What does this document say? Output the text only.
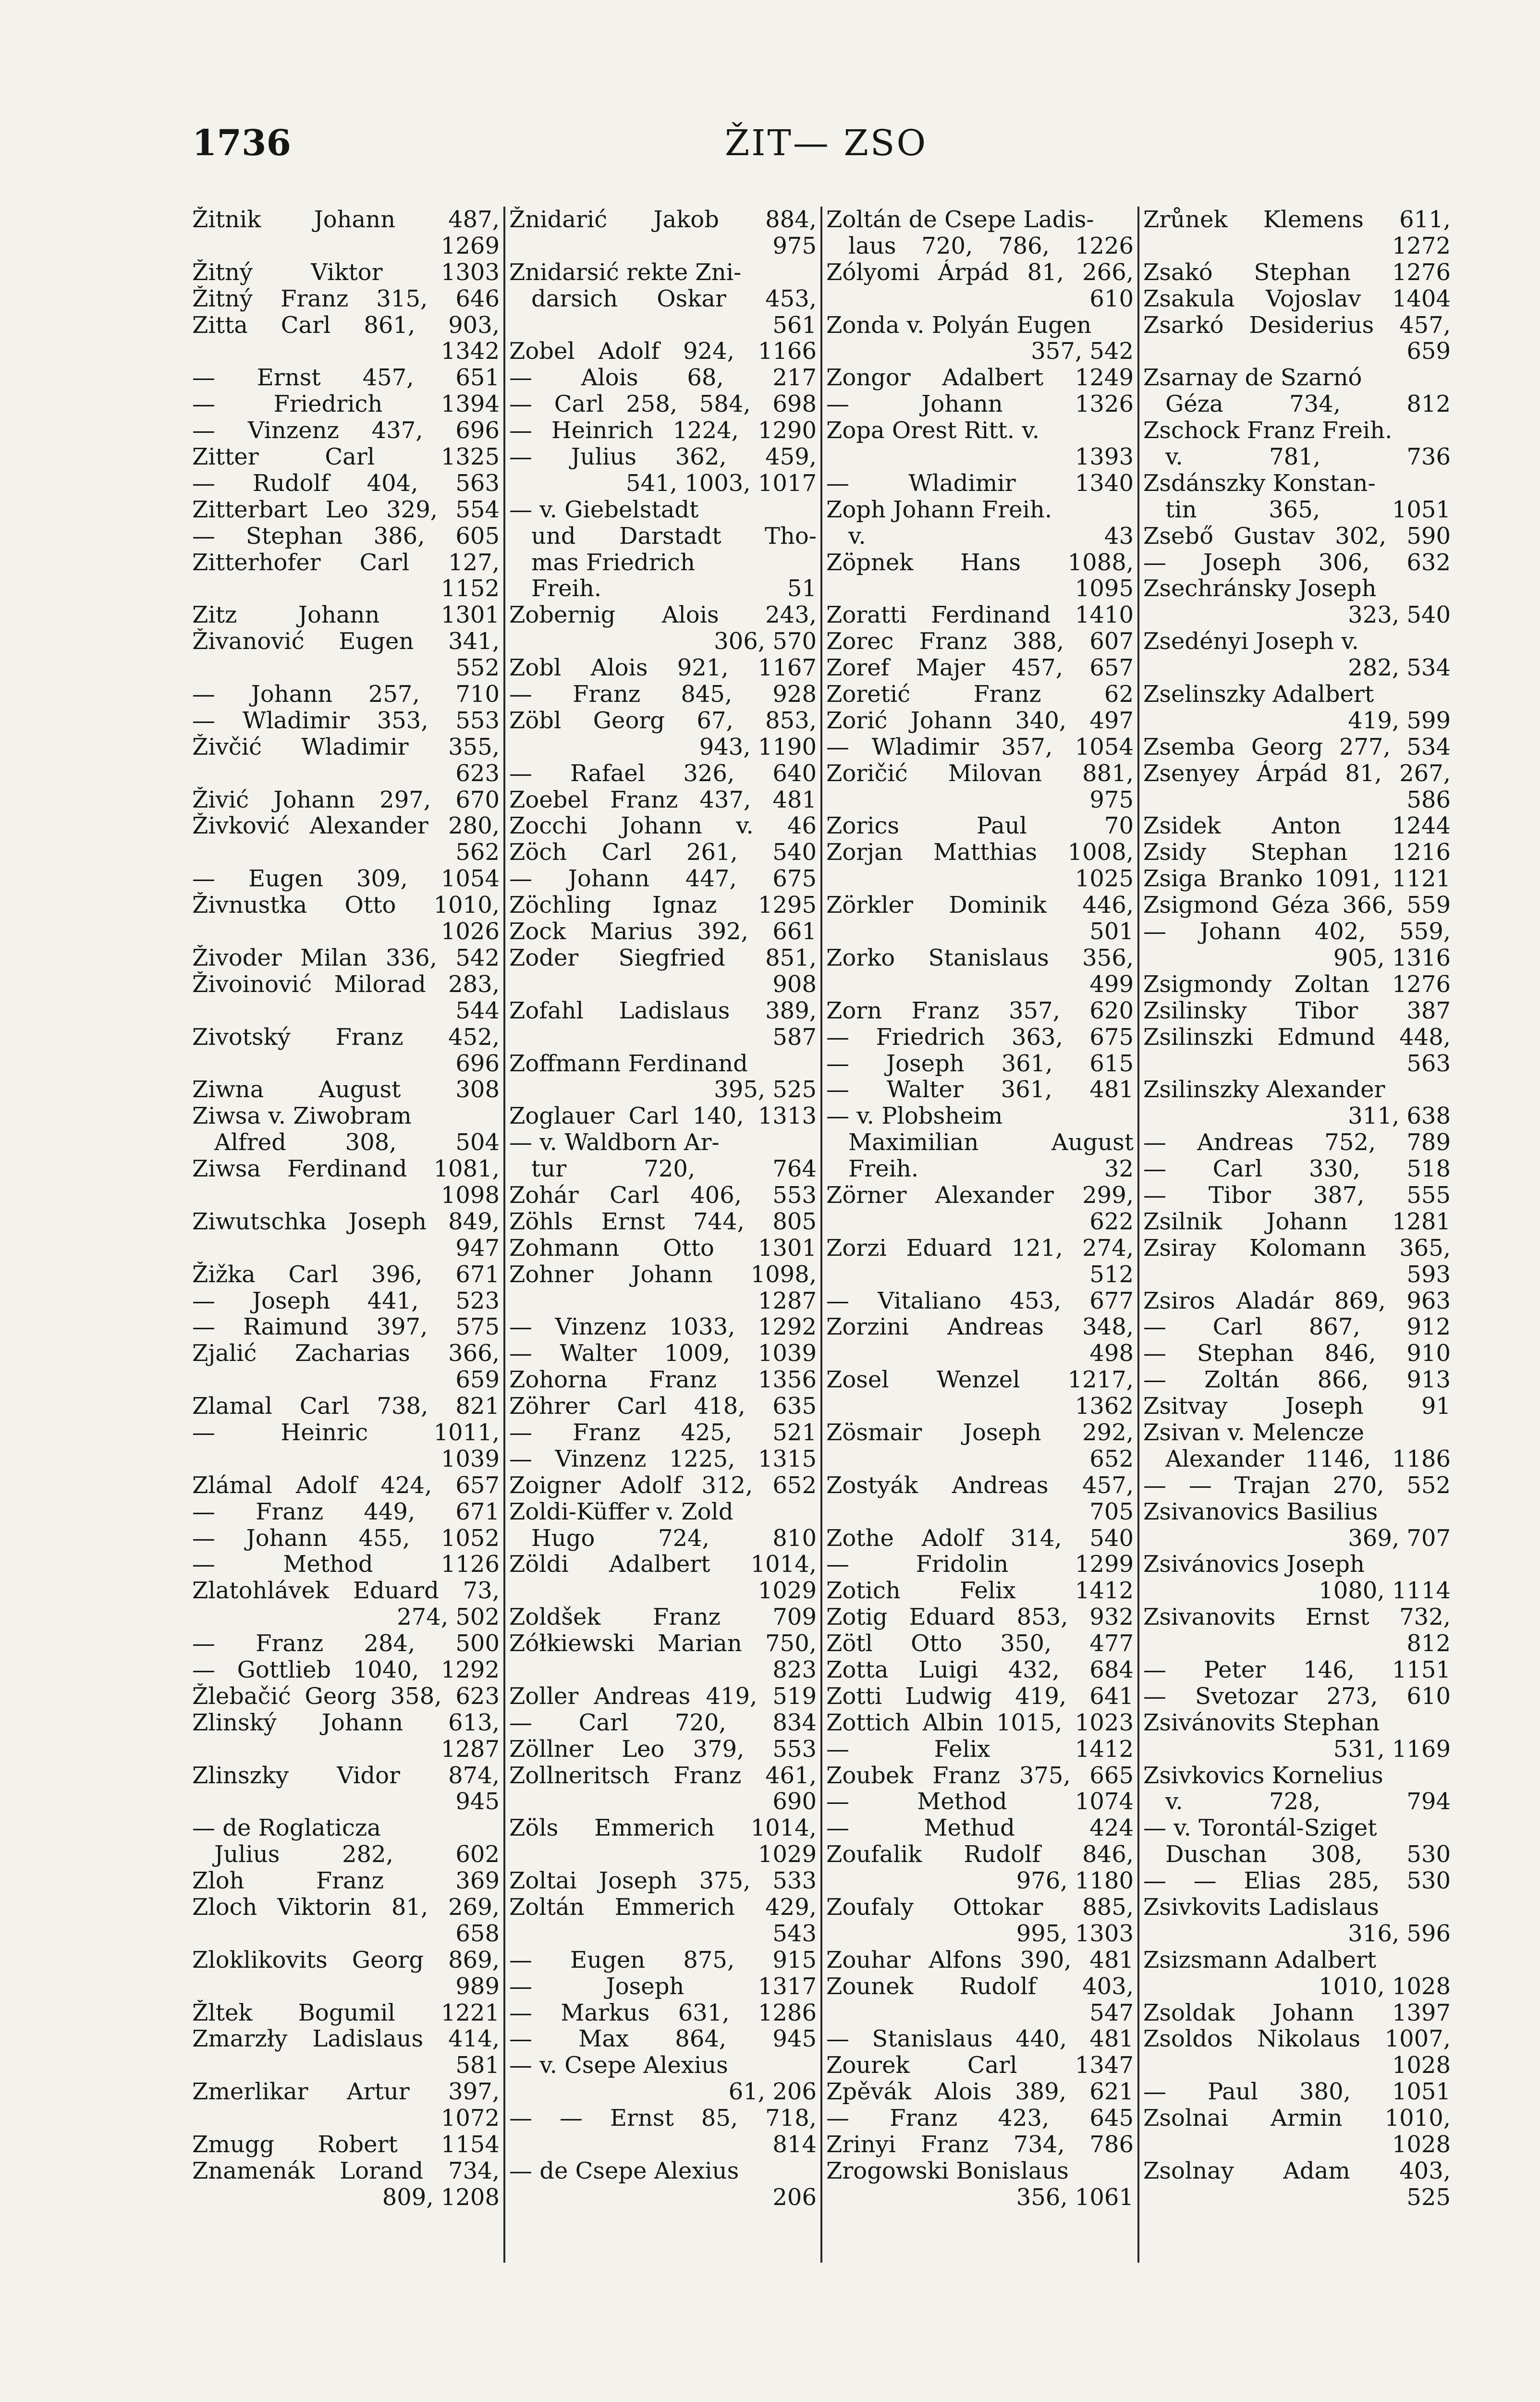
1736	ŽIT— ZSO
Žitnik Johann 487,
1269
Žitný Viktor 1303
Žitný Franz 315, 646
Zitta Carl 861, 903,
1342
— Ernst 457, 651
— Friedrich 1394
— Vinzenz 437, 696
Zitter Carl 1325
— Rudolf 404, 563
Zitterbart Leo 329, 554
— Stephan 386, 605
Zitterhofer Carl 127,
1152
Zitz Johann 1301
Živanović Eugen 341,
552
— Johann 257, 710
— Wladimir 353, 553
Živčić Wladimir 355,
623
Živić Johann 297, 670
Živković Alexander 280,
562
— Eugen 309, 1054
Živnustka Otto 1010,
1026
Živoder Milan 336, 542
Živoinović Milorad 283,
544
Zivotský Franz 452,
696
Ziwna August 308
Ziwsa v. Ziwobram
Alfred 308, 504
Ziwsa Ferdinand 1081,
1098
Ziwutschka Joseph 849,
947
Žižka Carl 396, 671
— Joseph 441, 523
— Raimund 397, 575
Zjalić Zacharias 366,
659
Zlamal Carl 738, 821
— Heinric 1011,
1039
Zlámal Adolf 424, 657
— Franz 449, 671
— Johann 455, 1052
— Method 1126
Zlatohlávek Eduard 73,
274, 502
— Franz 284, 500
— Gottlieb 1040, 1292
Žlebačić Georg 358, 623
Zlinský Johann 613,
1287
Zlinszky Vidor 874,
945
— de Roglaticza
Julius 282, 602
Zloh Franz 369
Zloch Viktorin 81, 269,
658
Zloklikovits Georg 869,
989
Žltek Bogumil 1221
Zmarzły Ladislaus 414,
581
Zmerlikar Artur 397,
1072
Zmugg Robert 1154
Znamenák Lorand 734,
809, 1208
Žnidarić Jakob 884,
975
Znidarsić rekte Zni-
darsich Oskar 453,
561
Zobel Adolf 924, 1166
— Alois 68, 217
— Carl 258, 584, 698
— Heinrich 1224, 1290
— Julius 362, 459,
541, 1003, 1017
— v. Giebelstadt
und Darstadt Tho-
mas Friedrich
Freih. 51
Zobernig Alois 243,
306, 570
Zobl Alois 921, 1167
— Franz 845, 928
Zöbl Georg 67, 853,
943, 1190
— Rafael 326, 640
Zoebel Franz 437, 481
Zocchi Johann v. 46
Zöch Carl 261, 540
— Johann 447, 675
Zöchling Ignaz 1295
Zock Marius 392, 661
Zoder Siegfried 851,
908
Zofahl Ladislaus 389,
587
Zoffmann Ferdinand
395, 525
Zoglauer Carl 140, 1313
— v. Waldborn Ar-
tur 720, 764
Zohár Carl 406, 553
Zöhls Ernst 744, 805
Zohmann Otto 1301
Zohner Johann 1098,
1287
— Vinzenz 1033, 1292
— Walter 1009, 1039
Zohorna Franz 1356
Zöhrer Carl 418, 635
— Franz 425, 521
— Vinzenz 1225, 1315
Zoigner Adolf 312, 652
Zoldi-Küffer v. Zold
Hugo 724, 810
Zöldi Adalbert 1014,
1029
Zoldšek Franz 709
Zółkiewski Marian 750,
823
Zoller Andreas 419, 519
— Carl 720, 834
Zöllner Leo 379, 553
Zollneritsch Franz 461,
690
Zöls Emmerich 1014,
1029
Zoltai Joseph 375, 533
Zoltán Emmerich 429,
543
— Eugen 875, 915
— Joseph 1317
— Markus 631, 1286
— Max 864, 945
— v. Csepe Alexius
61, 206
— — Ernst 85, 718,
814
— de Csepe Alexius
206
Zoltán de Csepe Ladis-
laus 720, 786, 1226
Zólyomi Árpád 81, 266,
610
Zonda v. Polyán Eugen
357, 542
Zongor Adalbert 1249
— Johann 1326
Zopa Orest Ritt. v.
1393
— Wladimir 1340
Zoph Johann Freih.
v. 43
Zöpnek Hans 1088,
1095
Zoratti Ferdinand 1410
Zorec Franz 388, 607
Zoref Majer 457, 657
Zoretić Franz 62
Zorić Johann 340, 497
— Wladimir 357, 1054
Zoričić Milovan 881,
975
Zorics Paul 70
Zorjan Matthias 1008,
1025
Zörkler Dominik 446,
501
Zorko Stanislaus 356,
499
Zorn Franz 357, 620
— Friedrich 363, 675
— Joseph 361, 615
— Walter 361, 481
— v. Plobsheim
Maximilian August
Freih. 32
Zörner Alexander 299,
622
Zorzi Eduard 121, 274,
512
— Vitaliano 453, 677
Zorzini Andreas 348,
498
Zosel Wenzel 1217,
1362
Zösmair Joseph 292,
652
Zostyák Andreas 457,
705
Zothe Adolf 314, 540
— Fridolin 1299
Zotich Felix 1412
Zotig Eduard 853, 932
Zötl Otto 350, 477
Zotta Luigi 432, 684
Zotti Ludwig 419, 641
Zottich Albin 1015, 1023
— Felix 1412
Zoubek Franz 375, 665
— Method 1074
— Methud 424
Zoufalik Rudolf 846,
976, 1180
Zoufaly Ottokar 885,
995, 1303
Zouhar Alfons 390, 481
Zounek Rudolf 403,
547
— Stanislaus 440, 481
Zourek Carl 1347
Zpěvák Alois 389, 621
— Franz 423, 645
Zrinyi Franz 734, 786
Zrogowski Bonislaus
356, 1061
Zrůnek Klemens 611,
1272
Zsakó Stephan 1276
Zsakula Vojoslav 1404
Zsarkó Desiderius 457,
659
Zsarnay de Szarnó
Géza 734, 812
Zschock Franz Freih.
v. 781, 736
Zsdánszky Konstan-
tin 365, 1051
Zsebő Gustav 302, 590
— Joseph 306, 632
Zsechránsky Joseph
323, 540
Zsedényi Joseph v.
282, 534
Zselinszky Adalbert
419, 599
Zsemba Georg 277, 534
Zsenyey Árpád 81, 267,
586
Zsidek Anton 1244
Zsidy Stephan 1216
Zsiga Branko 1091, 1121
Zsigmond Géza 366, 559
— Johann 402, 559,
905, 1316
Zsigmondy Zoltan 1276
Zsilinsky Tibor 387
Zsilinszki Edmund 448,
563
Zsilinszky Alexander
311, 638
— Andreas 752, 789
— Carl 330, 518
— Tibor 387, 555
Zsilnik Johann 1281
Zsiray Kolomann 365,
593
Zsiros Aladár 869, 963
— Carl 867, 912
— Stephan 846, 910
— Zoltán 866, 913
Zsitvay Joseph 91
Zsivan v. Melencze
Alexander 1146, 1186
— — Trajan 270, 552
Zsivanovics Basilius
369, 707
Zsivánovics Joseph
1080, 1114
Zsivanovits Ernst 732,
812
— Peter 146, 1151
— Svetozar 273, 610
Zsivánovits Stephan
531, 1169
Zsivkovics Kornelius
v. 728, 794
— v. Torontál-Sziget
Duschan 308, 530
— — Elias 285, 530
Zsivkovits Ladislaus
316, 596
Zsizsmann Adalbert
1010, 1028
Zsoldak Johann 1397
Zsoldos Nikolaus 1007,
1028
— Paul 380, 1051
Zsolnai Armin 1010,
1028
Zsolnay Adam 403,
525
